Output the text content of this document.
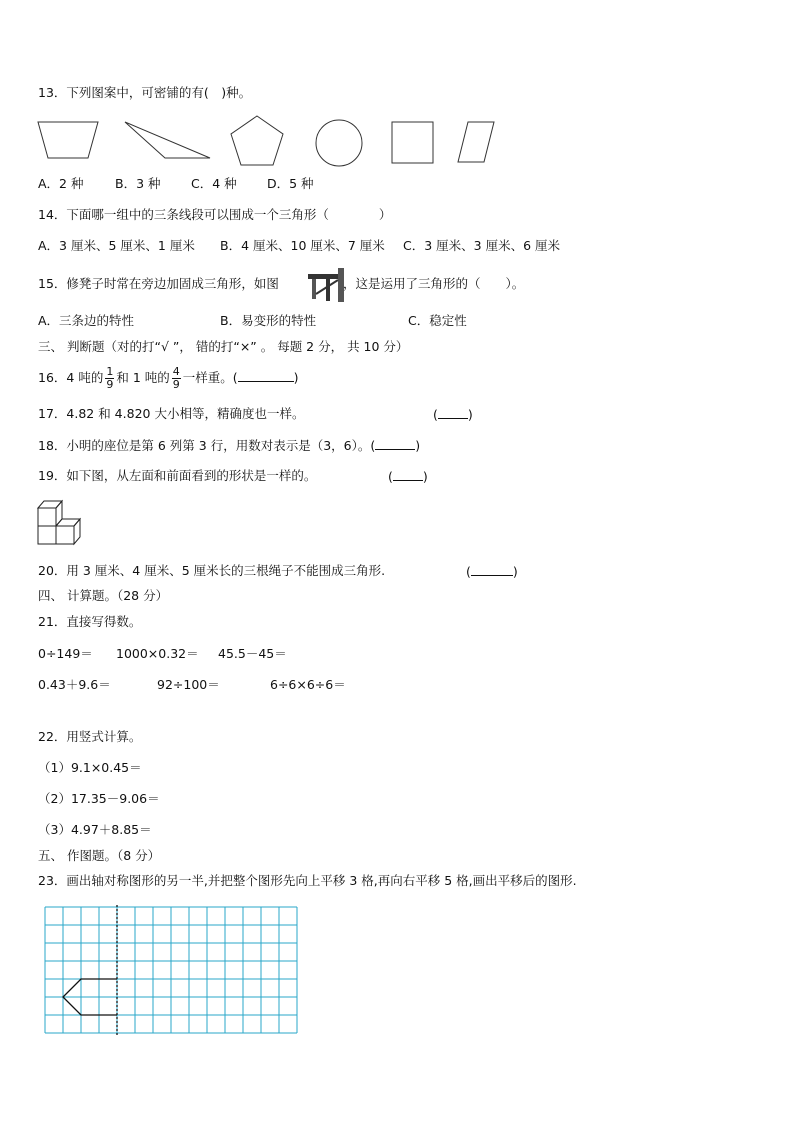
13．下列图案中，可密铺的有(　)种。
A．2 种	B．3 种 C．4 种 D．5 种
14．下面哪一组中的三条线段可以围成一个三角形（　　　　）
A．3 厘米、5 厘米、1 厘米 B．4 厘米、10 厘米、7 厘米 C．3 厘米、3 厘米、6 厘米
15．修凳子时常在旁边加固成三角形，如图	，这是运用了三角形的（　　）。
A．三条边的特性	B．易变形的特性	C．稳定性
三、 判断题（对的打“√ ”， 错的打“×” 。 每题 2 分， 共 10 分）
16．4 吨的 $\frac{1}{9}$ 和 1 吨的 $\frac{4}{9}$ 一样重。(	)
17．4.82 和 4.820 大小相等，精确度也一样。	( )
18．小明的座位是第 6 列第 3 行，用数对表示是（3，6）。(	)
19．如下图，从左面和前面看到的形状是一样的。	( )
20．用 3 厘米、4 厘米、5 厘米长的三根绳子不能围成三角形.	(	)
四、 计算题。（28 分）
21．直接写得数。
0÷149＝ 1000×0.32＝ 45.5－45＝
0.43＋9.6＝	92÷100＝	6÷6×6÷6＝
22．用竖式计算。
（1）9.1×0.45＝
（2）17.35－9.06＝
（3）4.97＋8.85＝
五、 作图题。（8 分）
23．画出轴对称图形的另一半,并把整个图形先向上平移 3 格,再向右平移 5 格,画出平移后的图形.
